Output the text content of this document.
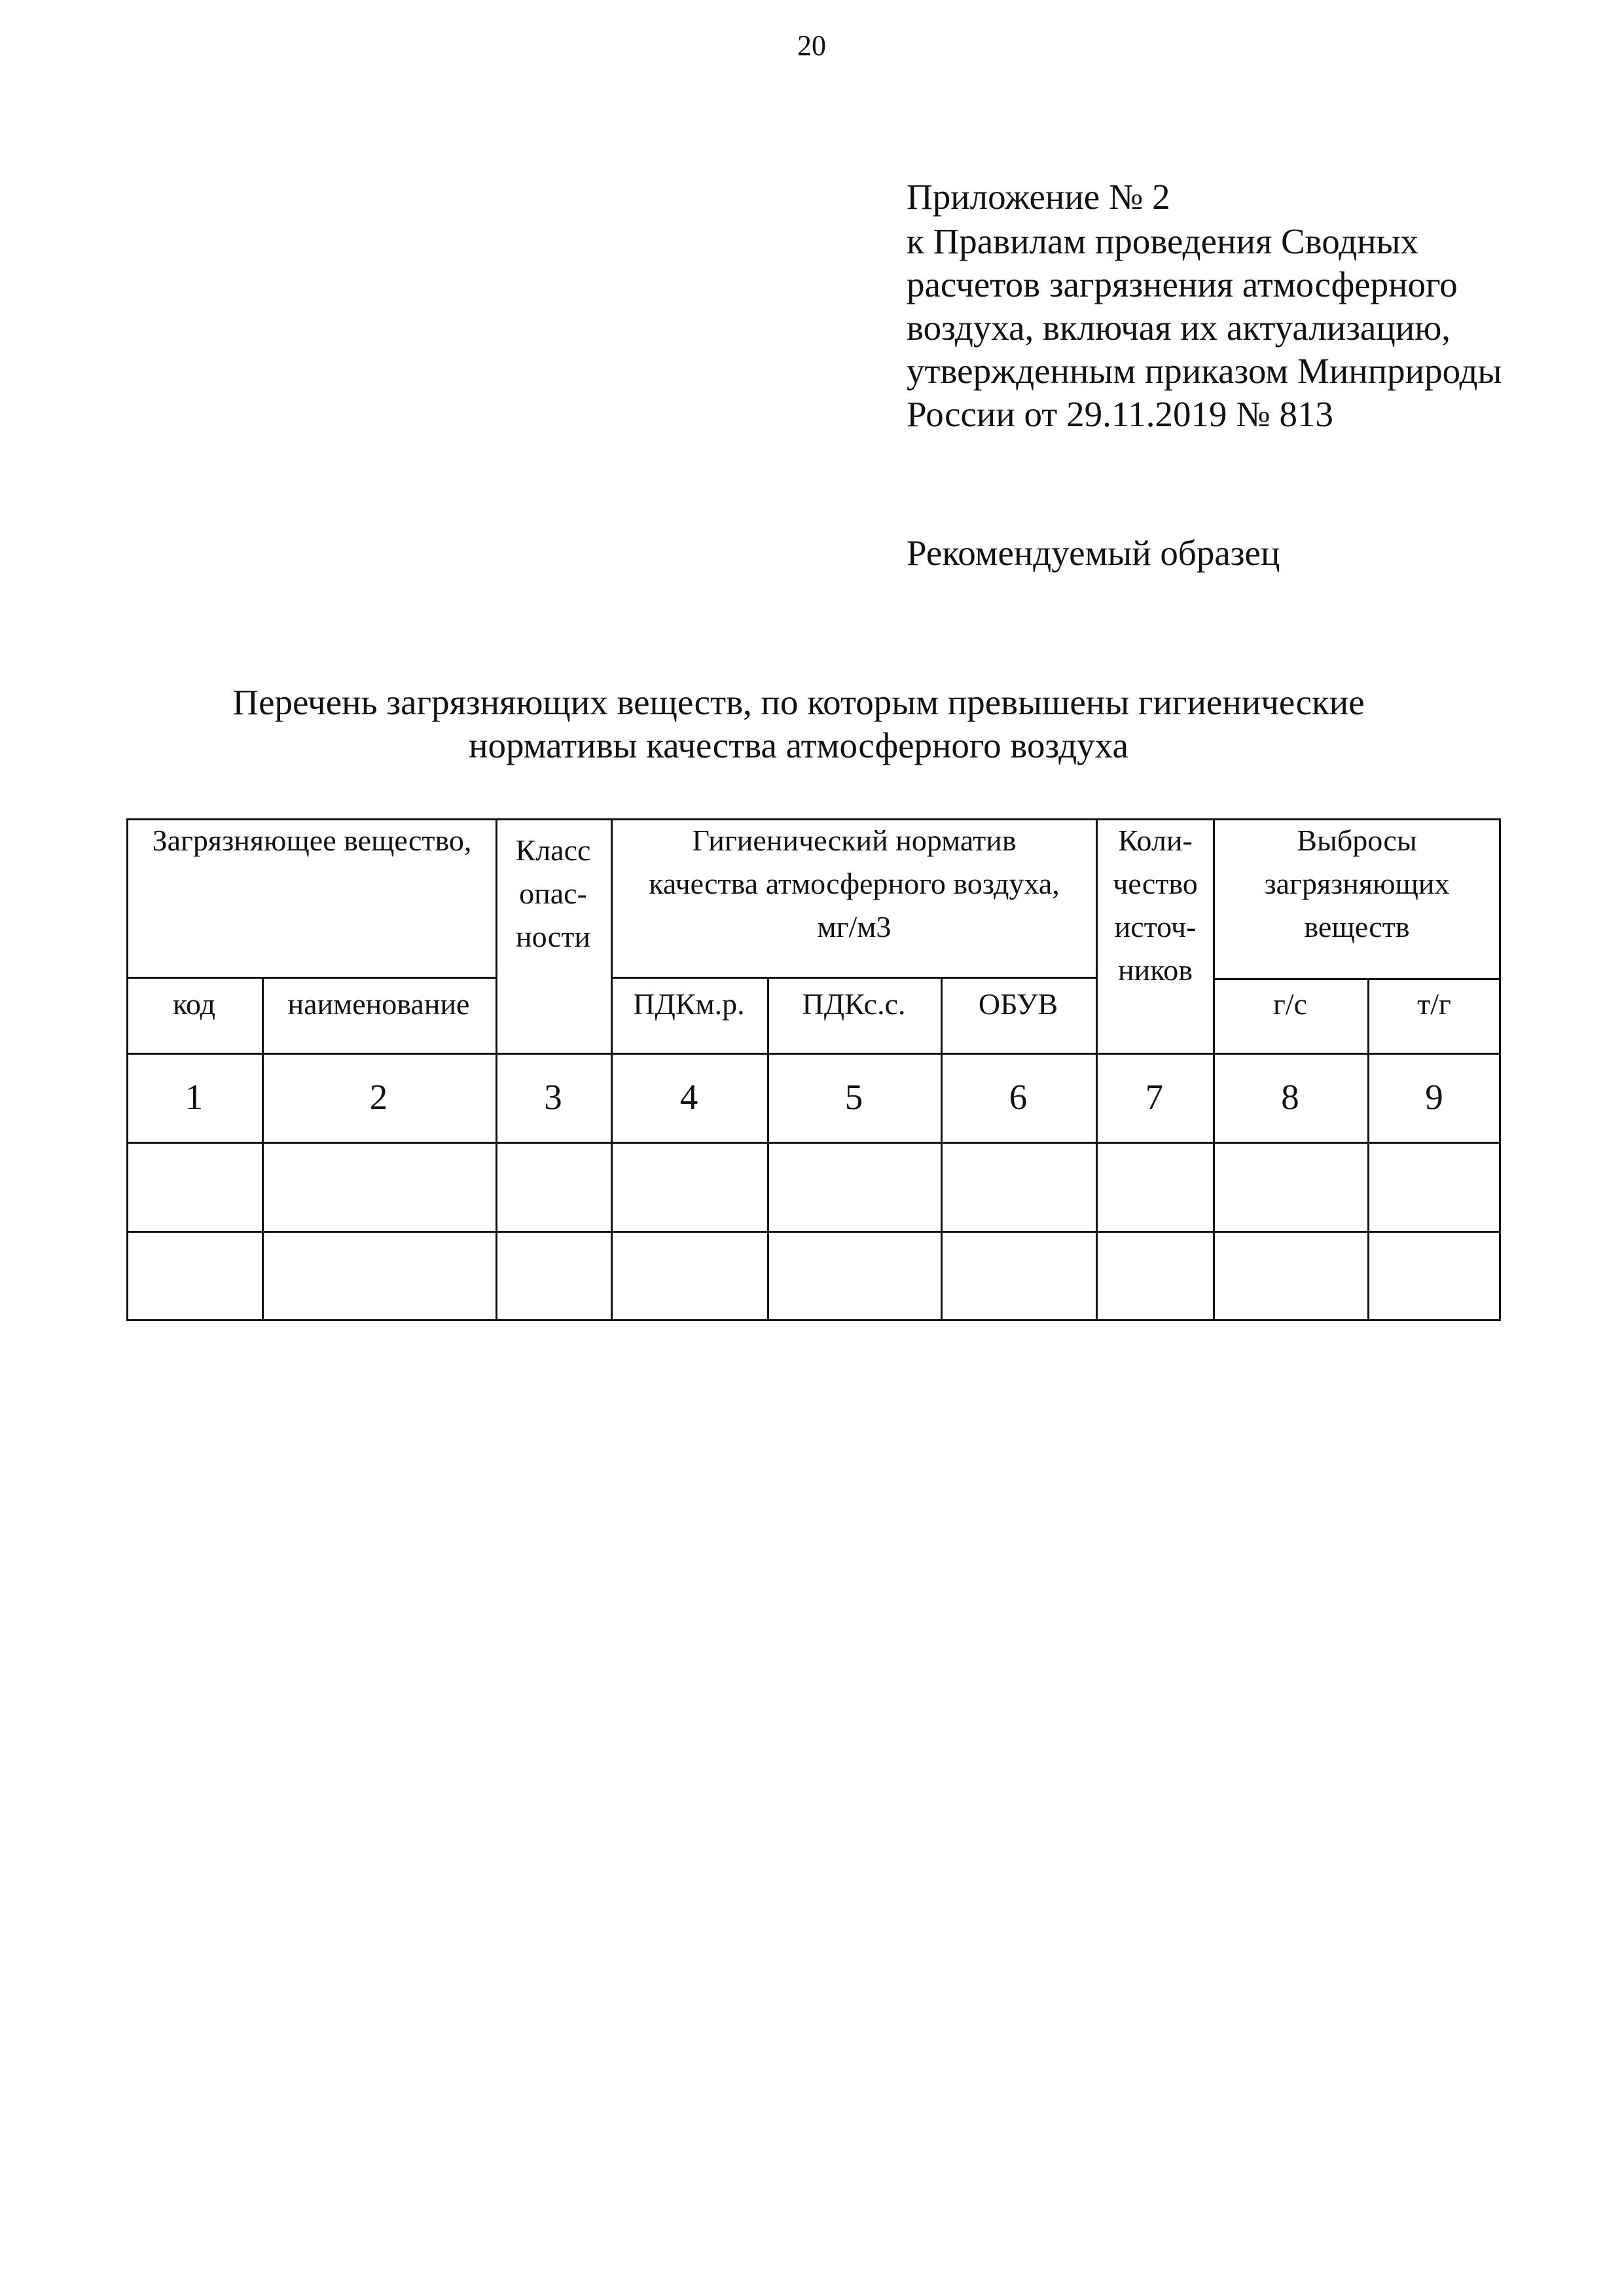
20
Приложение № 2
к Правилам проведения Сводных
расчетов загрязнения атмосферного
воздуха, включая их актуализацию,
утвержденным приказом Минприроды
России от 29.11.2019 № 813
Рекомендуемый образец
Перечень загрязняющих веществ, по которым превышены гигиенические
нормативы качества атмосферного воздуха
Загрязняющее вещество,
код	наименование
Класс
опас-
ности
Гигиенический норматив
качества атмосферного воздуха,
мг/м3
ПДКм.р.	ПДКс.с.	ОБУВ
Коли-
чество
источ-
ников
Выбросы
загрязняющих
веществ
г/с	т/г
1	2	3	4	5	6	7	8	9
